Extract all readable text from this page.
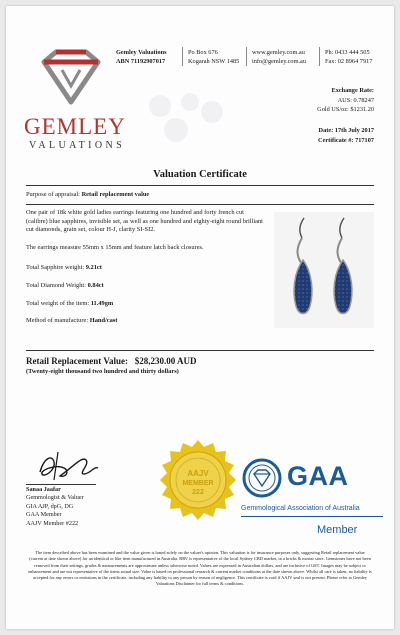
GEMLEY
VALUATIONS
Gemley Valuations
ABN 71192907017
Po Box 676
Kogarah NSW 1485
www.gemley.com.au
info@gemley.com.au
Ph: 0433 444 505
Fax: 02 8964 7917
Exchange Rate:
AUS: 0.78247
Gold US/oz: $1231.20
Date: 17th July 2017
Certificate #: 717107
Valuation Certificate
Purpose of appraisal: Retail replacement value
One pair of 18k white gold ladies earrings featuring one hundred and forty french cut (calibre) blue sapphires, invisible set, as well as one hundred and eighty-eight round brilliant cut diamonds, grain set, colour H-J, clarity SI-SI2.
The earrings measure 55mm x 15mm and feature latch back closures.
Total Sapphire weight: 9.21ct
Total Diamond Weight: 0.84ct
Total weight of the item: 11.49gm
Method of manufacture: Hand/cast
Retail Replacement Value: $28,230.00 AUD
(Twenty-eight thousand two hundred and thirty dollars)
Sanaa Jaafar
Gemmologist & Valuer
GIA AJP, dpG, DG
GAA Member
AAJV Member #222
AAJV
MEMBER
222
GAA
Gemmological Association of Australia
Member
The item described above has been examined and the value given is based solely on the valuer's opinion. This valuation is for insurance purposes only, suggesting Retail replacement value (current at date shown above) for an identical or like item manufactured in Australia. RRV is representative of the local Sydney CBD market, in a bricks & mortar store. Gemstones have not been removed from their settings, grades & measurements are approximate unless otherwise noted. Values are expressed in Australian dollars, and are inclusive of GST. Images may be subject to enhancement and are not representative of the items actual size. Value is based on professional research & current market conditions at the date shown above. Whilst all care is taken, no liability is accepted for any errors or omissions in the certificate, including any liability to any person by reason of negligence. This certificate is void if AAJV seal is not present. Please refer to Gemley Valuations Disclaimer for full terms & conditions.
